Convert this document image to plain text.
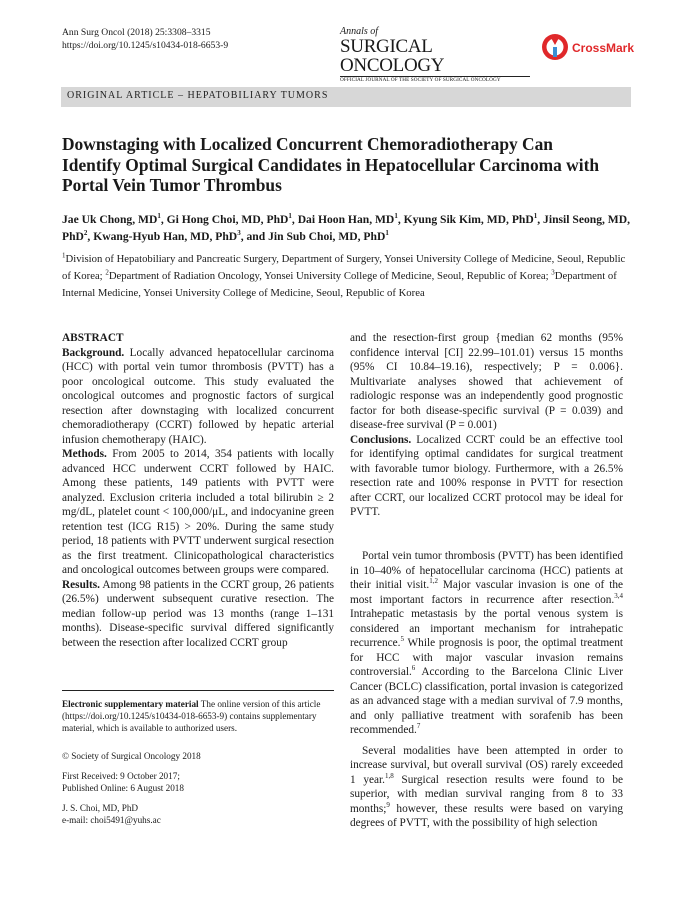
Ann Surg Oncol (2018) 25:3308–3315
https://doi.org/10.1245/s10434-018-6653-9
Annals of
SURGICAL ONCOLOGY
OFFICIAL JOURNAL OF THE SOCIETY OF SURGICAL ONCOLOGY
CrossMark
ORIGINAL ARTICLE – HEPATOBILIARY TUMORS
Downstaging with Localized Concurrent Chemoradiotherapy Can Identify Optimal Surgical Candidates in Hepatocellular Carcinoma with Portal Vein Tumor Thrombus
Jae Uk Chong, $MD^1$, Gi Hong Choi, MD, PhD$^1$, Dai Hoon Han, $MD^1$, Kyung Sik Kim, MD, PhD$^1$, Jinsil Seong, MD, PhD$^2$, Kwang-Hyub Han, MD, PhD$^3$, and Jin Sub Choi, MD, PhD$^1$
$^1$Division of Hepatobiliary and Pancreatic Surgery, Department of Surgery, Yonsei University College of Medicine, Seoul, Republic of Korea; $^2$Department of Radiation Oncology, Yonsei University College of Medicine, Seoul, Republic of Korea; $^3$Department of Internal Medicine, Yonsei University College of Medicine, Seoul, Republic of Korea
ABSTRACT
Background. Locally advanced hepatocellular carcinoma (HCC) with portal vein tumor thrombosis (PVTT) has a poor oncological outcome. This study evaluated the oncological outcomes and prognostic factors of surgical resection after downstaging with localized concurrent chemoradiotherapy (CCRT) followed by hepatic arterial infusion chemotherapy (HAIC).
Methods. From 2005 to 2014, 354 patients with locally advanced HCC underwent CCRT followed by HAIC. Among these patients, 149 patients with PVTT were analyzed. Exclusion criteria included a total bilirubin ≥ 2 mg/dL, platelet count < 100,000/μL, and indocyanine green retention test (ICG R15) > 20%. During the same study period, 18 patients with PVTT underwent surgical resection as the first treatment. Clinicopathological characteristics and oncological outcomes between groups were compared.
Results. Among 98 patients in the CCRT group, 26 patients (26.5%) underwent subsequent curative resection. The median follow-up period was 13 months (range 1–131 months). Disease-specific survival differed significantly between the resection after localized CCRT group
Electronic supplementary material The online version of this article (https://doi.org/10.1245/s10434-018-6653-9) contains supplementary material, which is available to authorized users.
© Society of Surgical Oncology 2018
First Received: 9 October 2017;
Published Online: 6 August 2018
J. S. Choi, MD, PhD
e-mail: choi5491@yuhs.ac
and the resection-first group {median 62 months (95% confidence interval [CI] 22.99–101.01) versus 15 months (95% CI 10.84–19.16), respectively; P = 0.006}. Multivariate analyses showed that achievement of radiologic response was an independently good prognostic factor for both disease-specific survival (P = 0.039) and disease-free survival (P = 0.001)
Conclusions. Localized CCRT could be an effective tool for identifying optimal candidates for surgical treatment with favorable tumor biology. Furthermore, with a 26.5% resection rate and 100% response in PVTT for resection after CCRT, our localized CCRT protocol may be ideal for PVTT.
Portal vein tumor thrombosis (PVTT) has been identified in 10–40% of hepatocellular carcinoma (HCC) patients at their initial visit.$^{1,2}$ Major vascular invasion is one of the most important factors in recurrence after resection.$^{3,4}$ Intrahepatic metastasis by the portal venous system is considered an important mechanism for intrahepatic recurrence.$^5$ While prognosis is poor, the optimal treatment for HCC with major vascular invasion remains controversial.$^6$ According to the Barcelona Clinic Liver Cancer (BCLC) classification, portal invasion is categorized as an advanced stage with a median survival of 7.9 months, and only palliative treatment with sorafenib has been recommended.$^7$
Several modalities have been attempted in order to increase survival, but overall survival (OS) rarely exceeded 1 year.$^{1,8}$ Surgical resection results were found to be superior, with median survival ranging from 8 to 33 months;$^9$ however, these results were based on varying degrees of PVTT, with the possibility of high selection
